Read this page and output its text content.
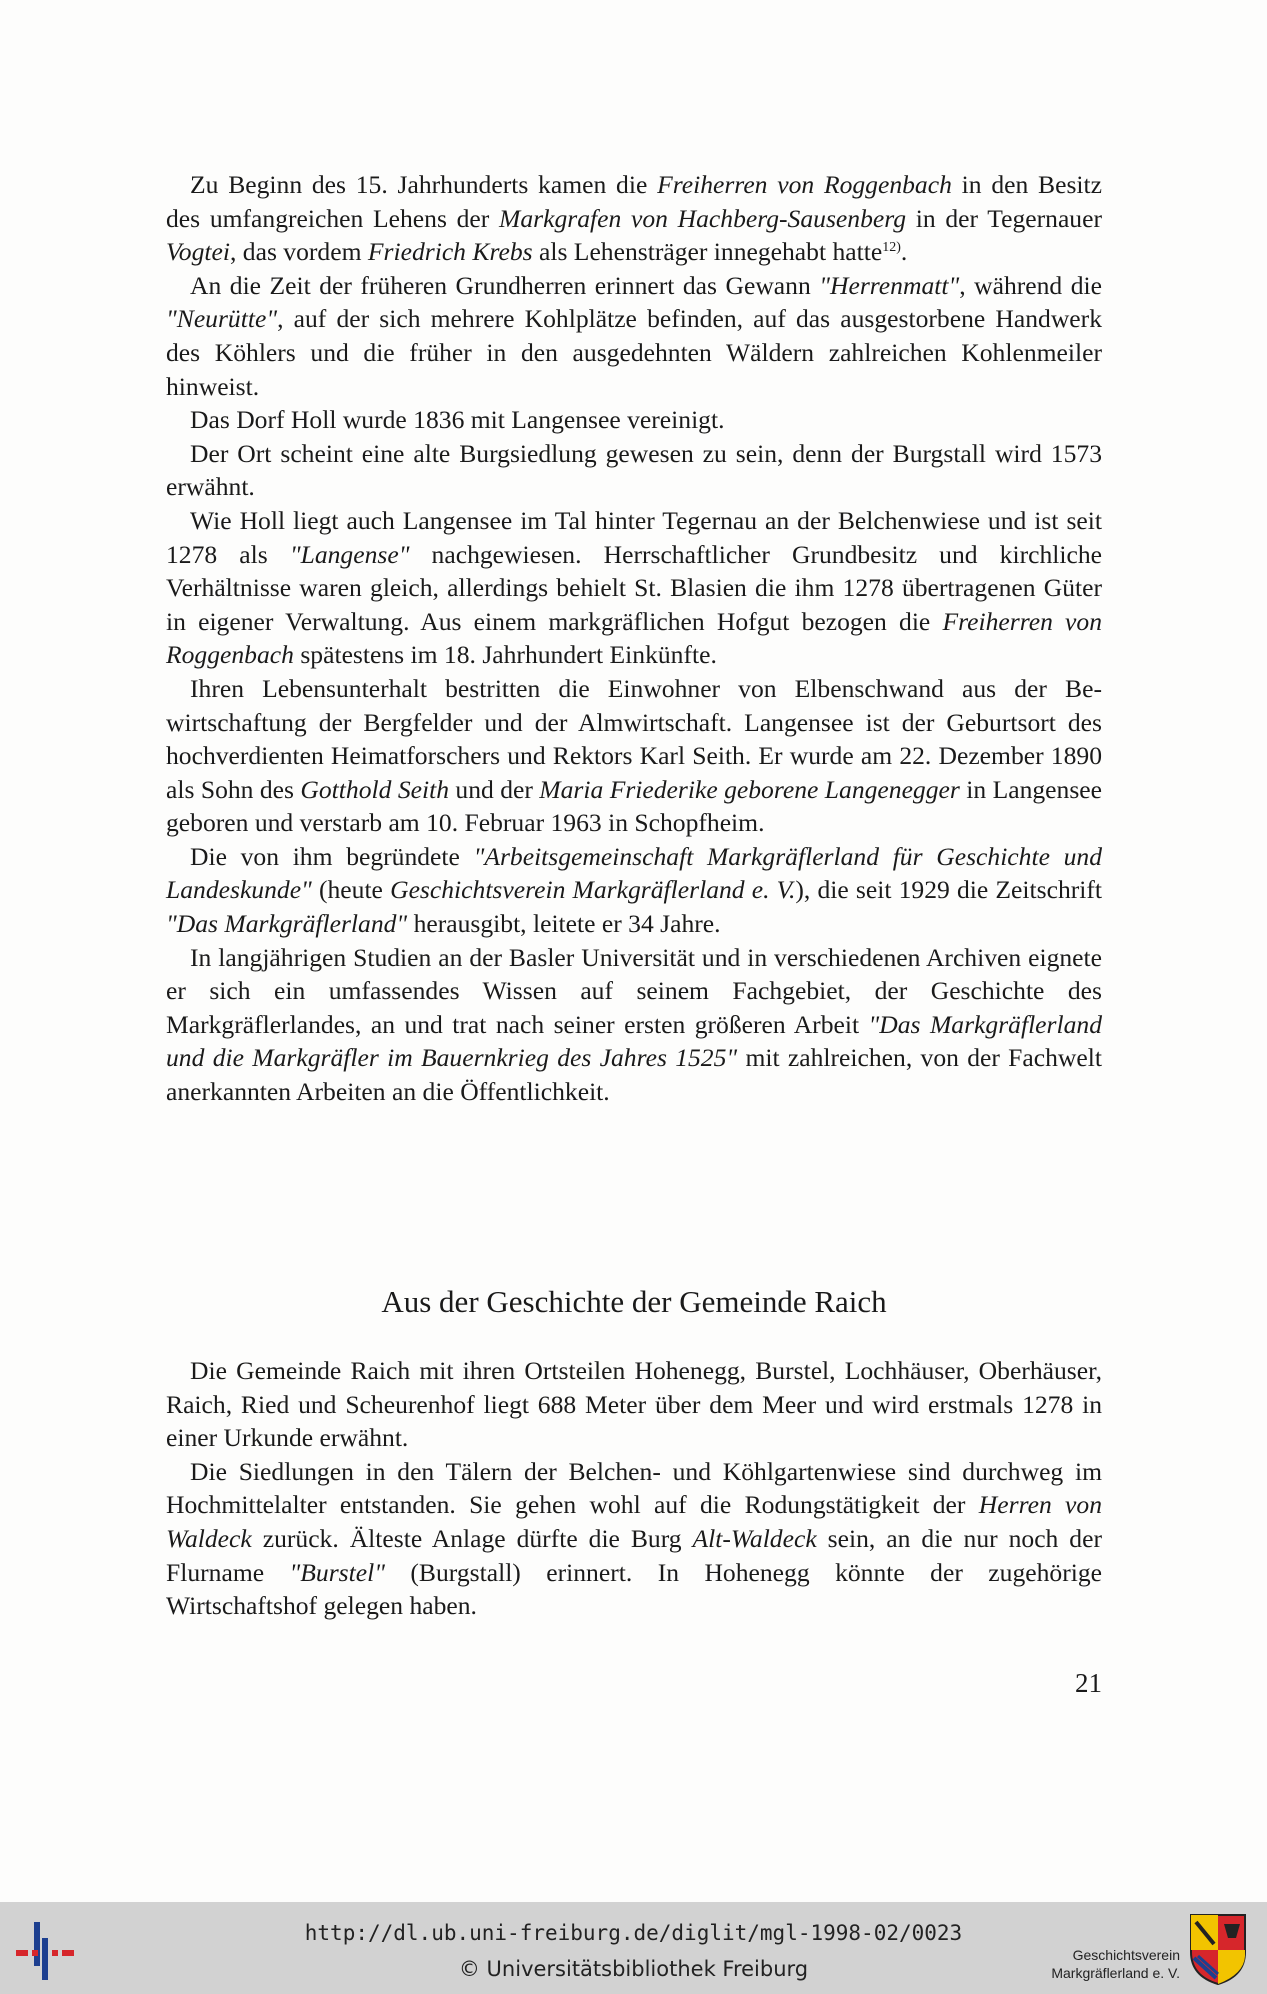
Zu Beginn des 15. Jahrhunderts kamen die Freiherren von Roggenbach in den Besitz des umfangreichen Lehens der Markgrafen von Hachberg-Sausenberg in der Tegernauer Vogtei, das vordem Friedrich Krebs als Lehensträger innegehabt hatte$^{12)}$.

An die Zeit der früheren Grundherren erinnert das Gewann "Herrenmatt", während die "Neurütte", auf der sich mehrere Kohlplätze befinden, auf das ausgestorbene Handwerk des Köhlers und die früher in den ausgedehnten Wäldern zahlreichen Kohlenmeiler hinweist.

Das Dorf Holl wurde 1836 mit Langensee vereinigt.

Der Ort scheint eine alte Burgsiedlung gewesen zu sein, denn der Burgstall wird 1573 erwähnt.

Wie Holl liegt auch Langensee im Tal hinter Tegernau an der Belchenwiese und ist seit 1278 als "Langense" nachgewiesen. Herrschaftlicher Grundbesitz und kirchliche Verhältnisse waren gleich, allerdings behielt St. Blasien die ihm 1278 übertragenen Güter in eigener Verwaltung. Aus einem markgräflichen Hofgut bezogen die Freiherren von Roggenbach spätestens im 18. Jahrhundert Einkünfte.

Ihren Lebensunterhalt bestritten die Einwohner von Elbenschwand aus der Bewirtschaftung der Bergfelder und der Almwirtschaft. Langensee ist der Geburtsort des hochverdienten Heimatforschers und Rektors Karl Seith. Er wurde am 22. Dezember 1890 als Sohn des Gotthold Seith und der Maria Friederike geborene Langenegger in Langensee geboren und verstarb am 10. Februar 1963 in Schopfheim.

Die von ihm begründete "Arbeitsgemeinschaft Markgräflerland für Geschichte und Landeskunde" (heute Geschichtsverein Markgräflerland e. V.), die seit 1929 die Zeitschrift "Das Markgräflerland" herausgibt, leitete er 34 Jahre.

In langjährigen Studien an der Basler Universität und in verschiedenen Archiven eignete er sich ein umfassendes Wissen auf seinem Fachgebiet, der Geschichte des Markgräflerlandes, an und trat nach seiner ersten größeren Arbeit "Das Markgräflerland und die Markgräfler im Bauernkrieg des Jahres 1525" mit zahlreichen, von der Fachwelt anerkannten Arbeiten an die Öffentlichkeit.

Aus der Geschichte der Gemeinde Raich

Die Gemeinde Raich mit ihren Ortsteilen Hohenegg, Burstel, Lochhäuser, Oberhäuser, Raich, Ried und Scheurenhof liegt 688 Meter über dem Meer und wird erstmals 1278 in einer Urkunde erwähnt.

Die Siedlungen in den Tälern der Belchen- und Köhlgartenwiese sind durchweg im Hochmittelalter entstanden. Sie gehen wohl auf die Rodungstätigkeit der Herren von Waldeck zurück. Älteste Anlage dürfte die Burg Alt-Waldeck sein, an die nur noch der Flurname "Burstel" (Burgstall) erinnert. In Hohenegg könnte der zugehörige Wirtschaftshof gelegen haben.

21
http://dl.ub.uni-freiburg.de/diglit/mgl-1998-02/0023
© Universitätsbibliothek Freiburg
Geschichtsverein
Markgräflerland e. V.
